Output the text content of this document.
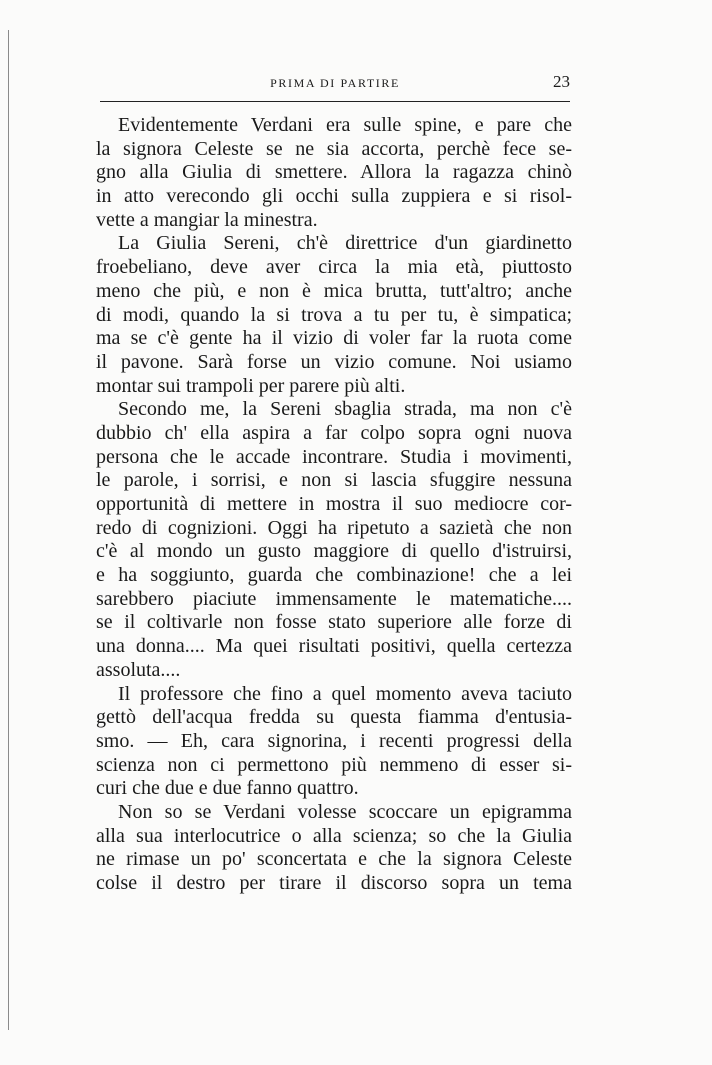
PRIMA DI PARTIRE	23
Evidentemente Verdani era sulle spine, e pare che
la signora Celeste se ne sia accorta, perchè fece se-
gno alla Giulia di smettere. Allora la ragazza chinò
in atto verecondo gli occhi sulla zuppiera e si risol-
vette a mangiar la minestra.
La Giulia Sereni, ch'è direttrice d'un giardinetto
froebeliano, deve aver circa la mia età, piuttosto
meno che più, e non è mica brutta, tutt'altro; anche
di modi, quando la si trova a tu per tu, è simpatica;
ma se c'è gente ha il vizio di voler far la ruota come
il pavone. Sarà forse un vizio comune. Noi usiamo
montar sui trampoli per parere più alti.
Secondo me, la Sereni sbaglia strada, ma non c'è
dubbio ch' ella aspira a far colpo sopra ogni nuova
persona che le accade incontrare. Studia i movimenti,
le parole, i sorrisi, e non si lascia sfuggire nessuna
opportunità di mettere in mostra il suo mediocre cor-
redo di cognizioni. Oggi ha ripetuto a sazietà che non
c'è al mondo un gusto maggiore di quello d'istruirsi,
e ha soggiunto, guarda che combinazione! che a lei
sarebbero piaciute immensamente le matematiche....
se il coltivarle non fosse stato superiore alle forze di
una donna.... Ma quei risultati positivi, quella certezza
assoluta....
Il professore che fino a quel momento aveva taciuto
gettò dell'acqua fredda su questa fiamma d'entusia-
smo. — Eh, cara signorina, i recenti progressi della
scienza non ci permettono più nemmeno di esser si-
curi che due e due fanno quattro.
Non so se Verdani volesse scoccare un epigramma
alla sua interlocutrice o alla scienza; so che la Giulia
ne rimase un po' sconcertata e che la signora Celeste
colse il destro per tirare il discorso sopra un tema
